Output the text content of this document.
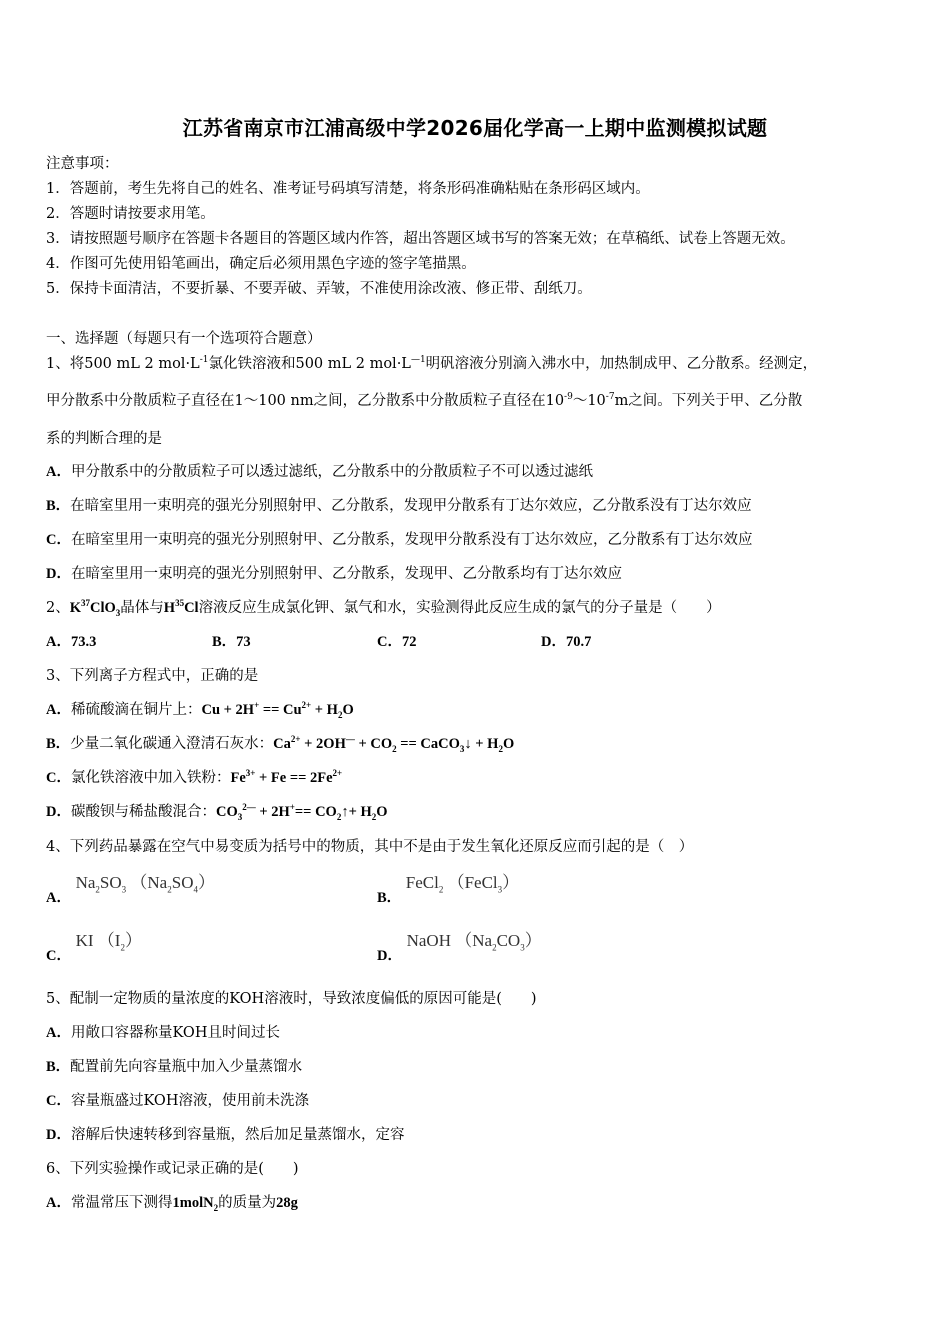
江苏省南京市江浦高级中学2026届化学高一上期中监测模拟试题
注意事项：
1．答题前，考生先将自己的姓名、准考证号码填写清楚，将条形码准确粘贴在条形码区域内。
2．答题时请按要求用笔。
3．请按照题号顺序在答题卡各题目的答题区域内作答，超出答题区域书写的答案无效；在草稿纸、试卷上答题无效。
4．作图可先使用铅笔画出，确定后必须用黑色字迹的签字笔描黑。
5．保持卡面清洁，不要折暴、不要弄破、弄皱，不准使用涂改液、修正带、刮纸刀。
一、选择题（每题只有一个选项符合题意）
1、将500 mL 2 $mol\cdot L^{-1}$氯化铁溶液和500 mL 2 $mol\cdot L^{—1}$明矾溶液分别滴入沸水中，加热制成甲、乙分散系。经测定，
甲分散系中分散质粒子直径在1～100 nm之间，乙分散系中分散质粒子直径在$10^{-9}\sim 10^{-7}m$之间。下列关于甲、乙分散
系的判断合理的是
A．甲分散系中的分散质粒子可以透过滤纸，乙分散系中的分散质粒子不可以透过滤纸
B．在暗室里用一束明亮的强光分别照射甲、乙分散系，发现甲分散系有丁达尔效应，乙分散系没有丁达尔效应
C．在暗室里用一束明亮的强光分别照射甲、乙分散系，发现甲分散系没有丁达尔效应，乙分散系有丁达尔效应
D．在暗室里用一束明亮的强光分别照射甲、乙分散系，发现甲、乙分散系均有丁达尔效应
2、$K^{37}ClO_3$晶体与$H^{35}Cl$溶液反应生成氯化钾、氯气和水，实验测得此反应生成的氯气的分子量是（　　）
A．73.3	B．73	C．72	D．70.7
3、下列离子方程式中，正确的是
A．稀硫酸滴在铜片上：$Cu + 2H^+ == Cu^{2+} + H_2O$
B．少量二氧化碳通入澄清石灰水：$Ca^{2+} + 2OH^— + CO_2$ == CaCO$_3$↓ + $H_2O$
C．氯化铁溶液中加入铁粉：$Fe^{3+} + Fe == 2Fe^{2+}$
D．碳酸钡与稀盐酸混合：$CO_3^{2—} + 2H^+==$ $CO_2↑+ H_2O$
4、下列药品暴露在空气中易变质为括号中的物质，其中不是由于发生氧化还原反应而引起的是（　）
A． $Na_2SO_3$ $(Na_2SO_4)$
B． FeCl$_2$ （FeCl$_3$）
C． KI $(I_2)$
D． NaOH $(Na_2CO_3)$
5、配制一定物质的量浓度的KOH溶液时，导致浓度偏低的原因可能是(　　)
A．用敞口容器称量KOH且时间过长
B．配置前先向容量瓶中加入少量蒸馏水
C．容量瓶盛过KOH溶液，使用前未洗涤
D．溶解后快速转移到容量瓶，然后加足量蒸馏水，定容
6、下列实验操作或记录正确的是(　　)
A．常温常压下测得1molN$_2$的质量为28g
